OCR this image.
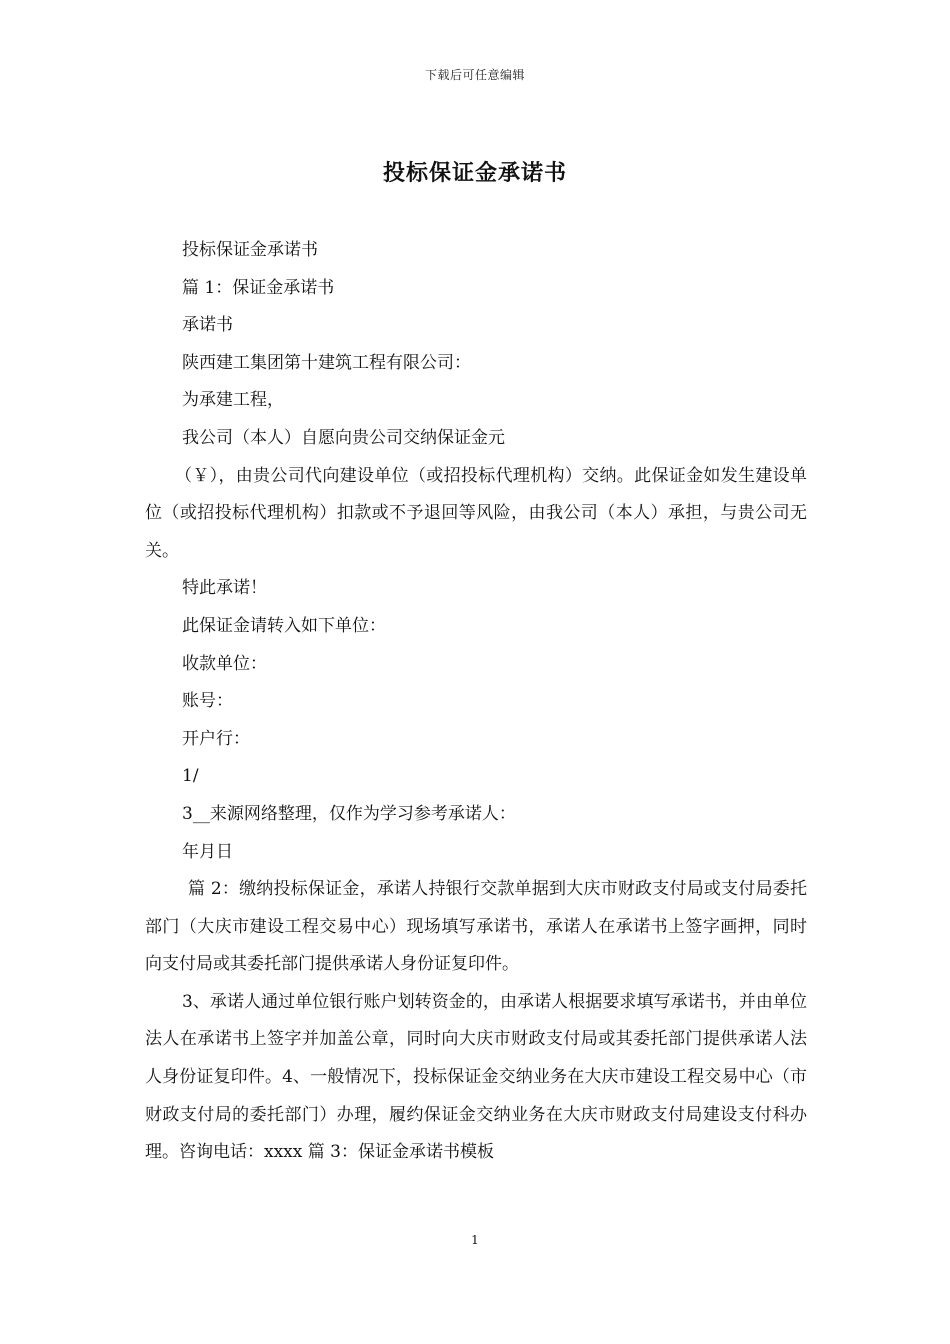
下载后可任意编辑
投标保证金承诺书

投标保证金承诺书

篇 1：保证金承诺书

承诺书

陕西建工集团第十建筑工程有限公司：

为承建工程，

我公司（本人）自愿向贵公司交纳保证金元

（￥），由贵公司代向建设单位（或招投标代理机构）交纳。此保证金如发生建设单位（或招投标代理机构）扣款或不予退回等风险，由我公司（本人）承担，与贵公司无关。

特此承诺！

此保证金请转入如下单位：

收款单位：

账号：

开户行：

1/

3__来源网络整理，仅作为学习参考承诺人：

年月日

篇 2：缴纳投标保证金，承诺人持银行交款单据到大庆市财政支付局或支付局委托部门（大庆市建设工程交易中心）现场填写承诺书，承诺人在承诺书上签字画押，同时向支付局或其委托部门提供承诺人身份证复印件。

3、承诺人通过单位银行账户划转资金的，由承诺人根据要求填写承诺书，并由单位法人在承诺书上签字并加盖公章，同时向大庆市财政支付局或其委托部门提供承诺人法人身份证复印件。4、一般情况下，投标保证金交纳业务在大庆市建设工程交易中心（市财政支付局的委托部门）办理，履约保证金交纳业务在大庆市财政支付局建设支付科办理。咨询电话：xxxx 篇 3：保证金承诺书模板

1
